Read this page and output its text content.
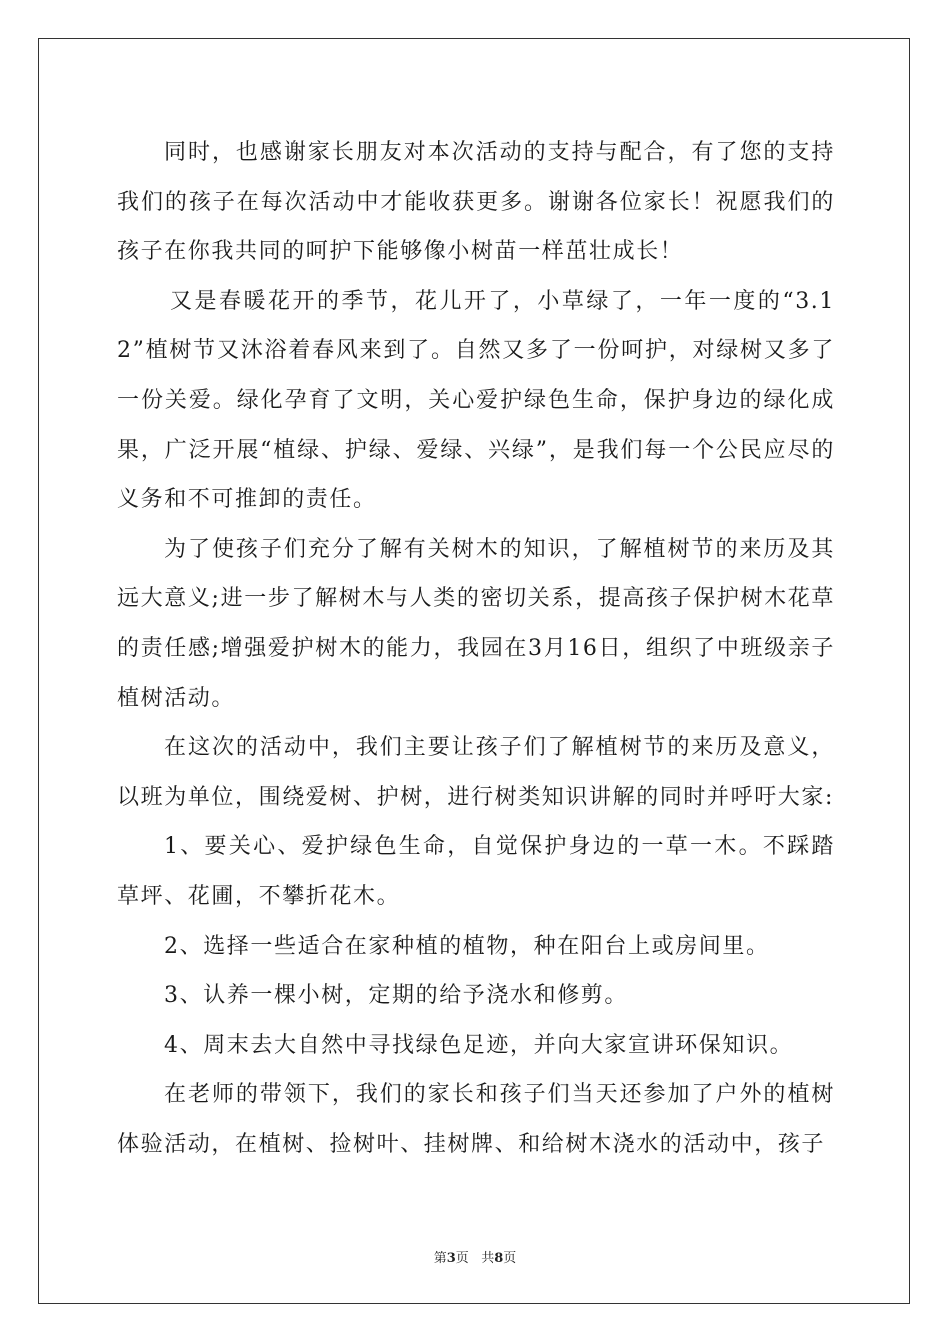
同时，也感谢家长朋友对本次活动的支持与配合，有了您的支持我们的孩子在每次活动中才能收获更多。谢谢各位家长！祝愿我们的孩子在你我共同的呵护下能够像小树苗一样茁壮成长！

又是春暖花开的季节，花儿开了，小草绿了，一年一度的“3.12”植树节又沐浴着春风来到了。自然又多了一份呵护，对绿树又多了一份关爱。绿化孕育了文明，关心爱护绿色生命，保护身边的绿化成果，广泛开展“植绿、护绿、爱绿、兴绿”，是我们每一个公民应尽的义务和不可推卸的责任。

为了使孩子们充分了解有关树木的知识，了解植树节的来历及其远大意义;进一步了解树木与人类的密切关系，提高孩子保护树木花草的责任感;增强爱护树木的能力，我园在3月16日，组织了中班级亲子植树活动。

在这次的活动中，我们主要让孩子们了解植树节的来历及意义，以班为单位，围绕爱树、护树，进行树类知识讲解的同时并呼吁大家:

1、要关心、爱护绿色生命，自觉保护身边的一草一木。不踩踏草坪、花圃，不攀折花木。

2、选择一些适合在家种植的植物，种在阳台上或房间里。

3、认养一棵小树，定期的给予浇水和修剪。

4、周末去大自然中寻找绿色足迹，并向大家宣讲环保知识。

在老师的带领下，我们的家长和孩子们当天还参加了户外的植树体验活动，在植树、捡树叶、挂树牌、和给树木浇水的活动中，孩子

第3页 共8页
